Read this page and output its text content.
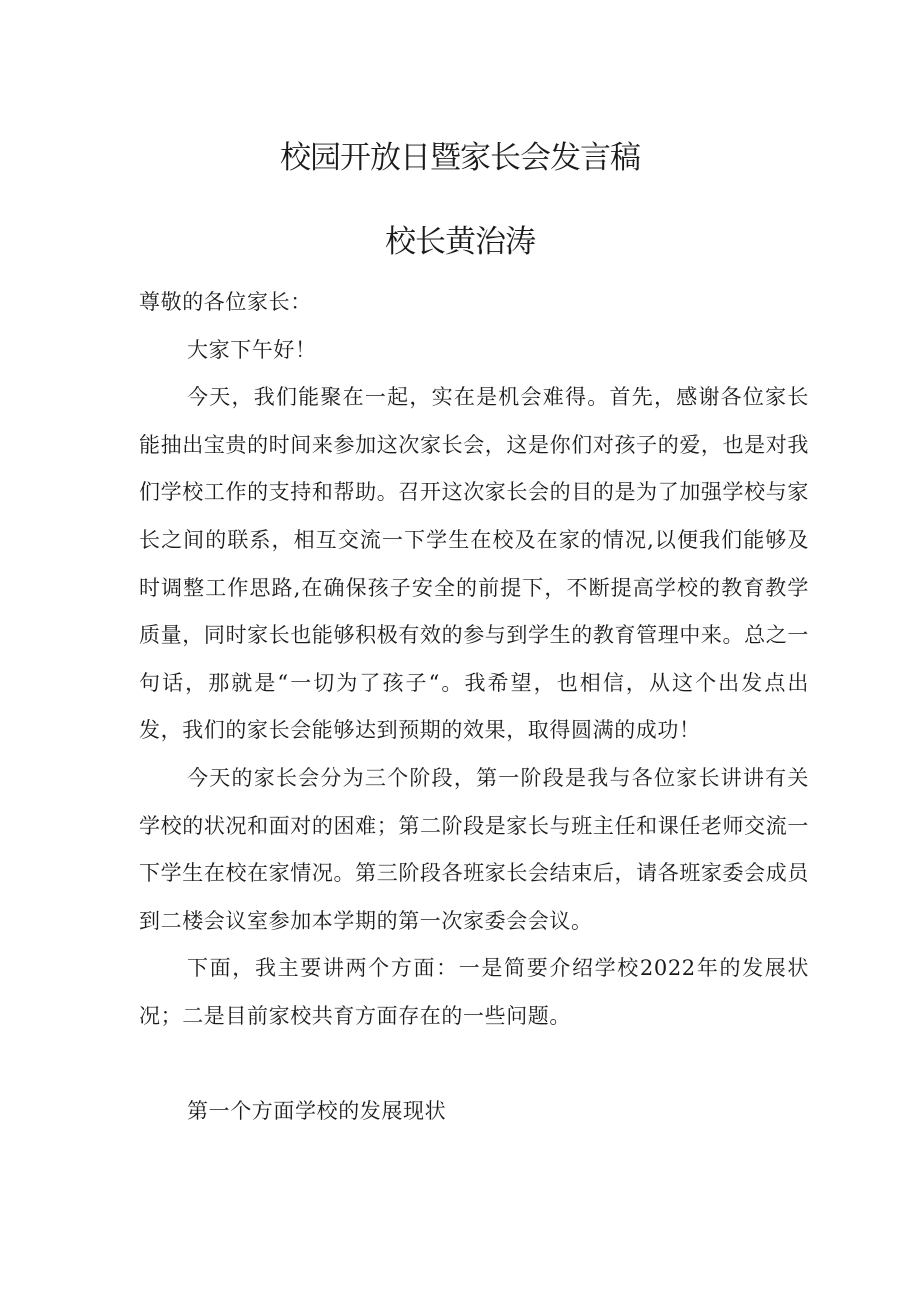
校园开放日暨家长会发言稿
校长黄治涛

尊敬的各位家长：

大家下午好！

今天，我们能聚在一起，实在是机会难得。首先，感谢各位家长能抽出宝贵的时间来参加这次家长会，这是你们对孩子的爱，也是对我们学校工作的支持和帮助。召开这次家长会的目的是为了加强学校与家长之间的联系，相互交流一下学生在校及在家的情况,以便我们能够及时调整工作思路,在确保孩子安全的前提下，不断提高学校的教育教学质量，同时家长也能够积极有效的参与到学生的教育管理中来。总之一句话，那就是“一切为了孩子“。我希望，也相信，从这个出发点出发，我们的家长会能够达到预期的效果，取得圆满的成功！

今天的家长会分为三个阶段，第一阶段是我与各位家长讲讲有关学校的状况和面对的困难；第二阶段是家长与班主任和课任老师交流一下学生在校在家情况。第三阶段各班家长会结束后，请各班家委会成员到二楼会议室参加本学期的第一次家委会会议。

下面，我主要讲两个方面：一是简要介绍学校2022年的发展状况；二是目前家校共育方面存在的一些问题。

第一个方面学校的发展现状
